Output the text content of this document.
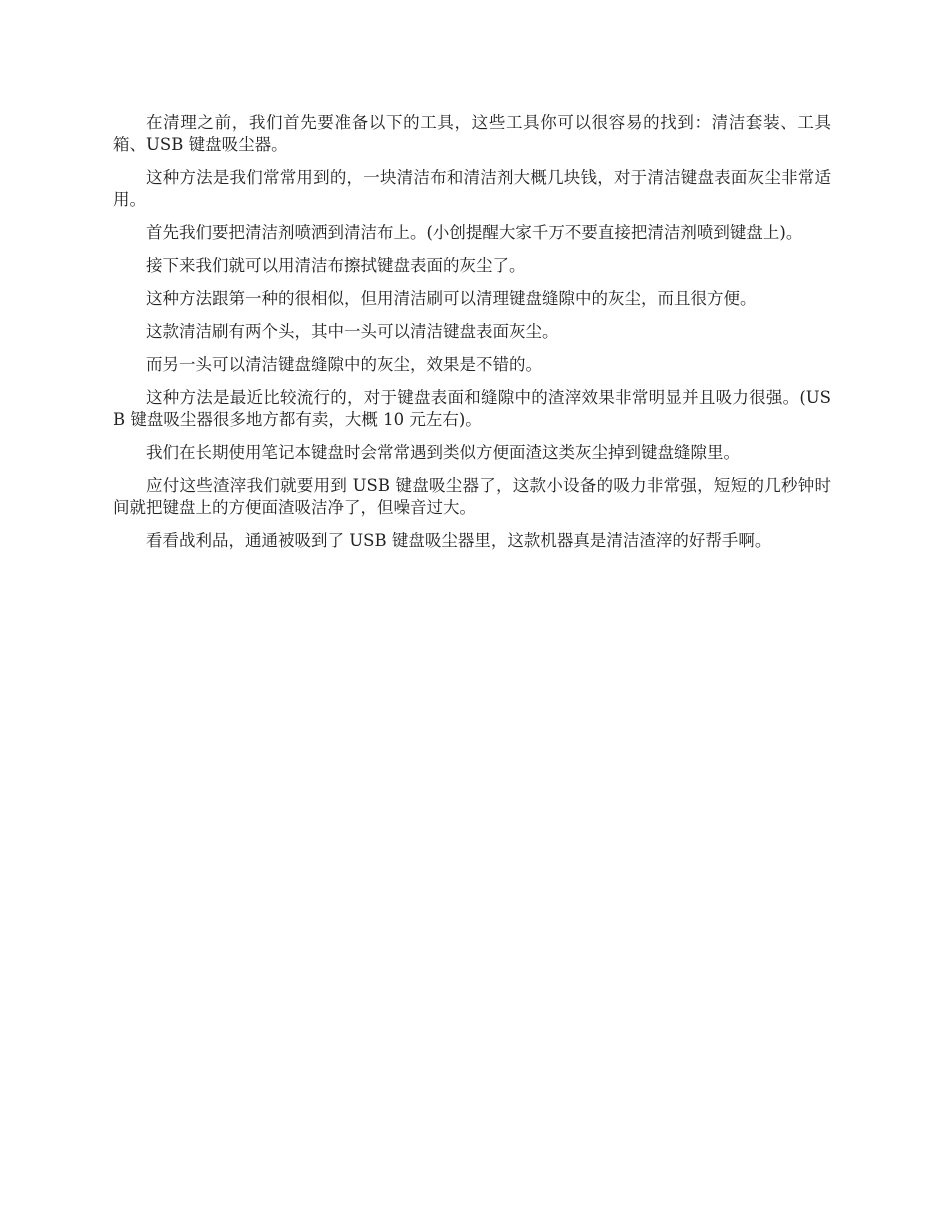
在清理之前，我们首先要准备以下的工具，这些工具你可以很容易的找到：清洁套装、工具箱、USB 键盘吸尘器。

这种方法是我们常常用到的，一块清洁布和清洁剂大概几块钱，对于清洁键盘表面灰尘非常适用。

首先我们要把清洁剂喷洒到清洁布上。(小创提醒大家千万不要直接把清洁剂喷到键盘上)。

接下来我们就可以用清洁布擦拭键盘表面的灰尘了。

这种方法跟第一种的很相似，但用清洁刷可以清理键盘缝隙中的灰尘，而且很方便。

这款清洁刷有两个头，其中一头可以清洁键盘表面灰尘。

而另一头可以清洁键盘缝隙中的灰尘，效果是不错的。

这种方法是最近比较流行的，对于键盘表面和缝隙中的渣滓效果非常明显并且吸力很强。(USB 键盘吸尘器很多地方都有卖，大概 10 元左右)。

我们在长期使用笔记本键盘时会常常遇到类似方便面渣这类灰尘掉到键盘缝隙里。

应付这些渣滓我们就要用到 USB 键盘吸尘器了，这款小设备的吸力非常强，短短的几秒钟时间就把键盘上的方便面渣吸洁净了，但噪音过大。

看看战利品，通通被吸到了 USB 键盘吸尘器里，这款机器真是清洁渣滓的好帮手啊。
